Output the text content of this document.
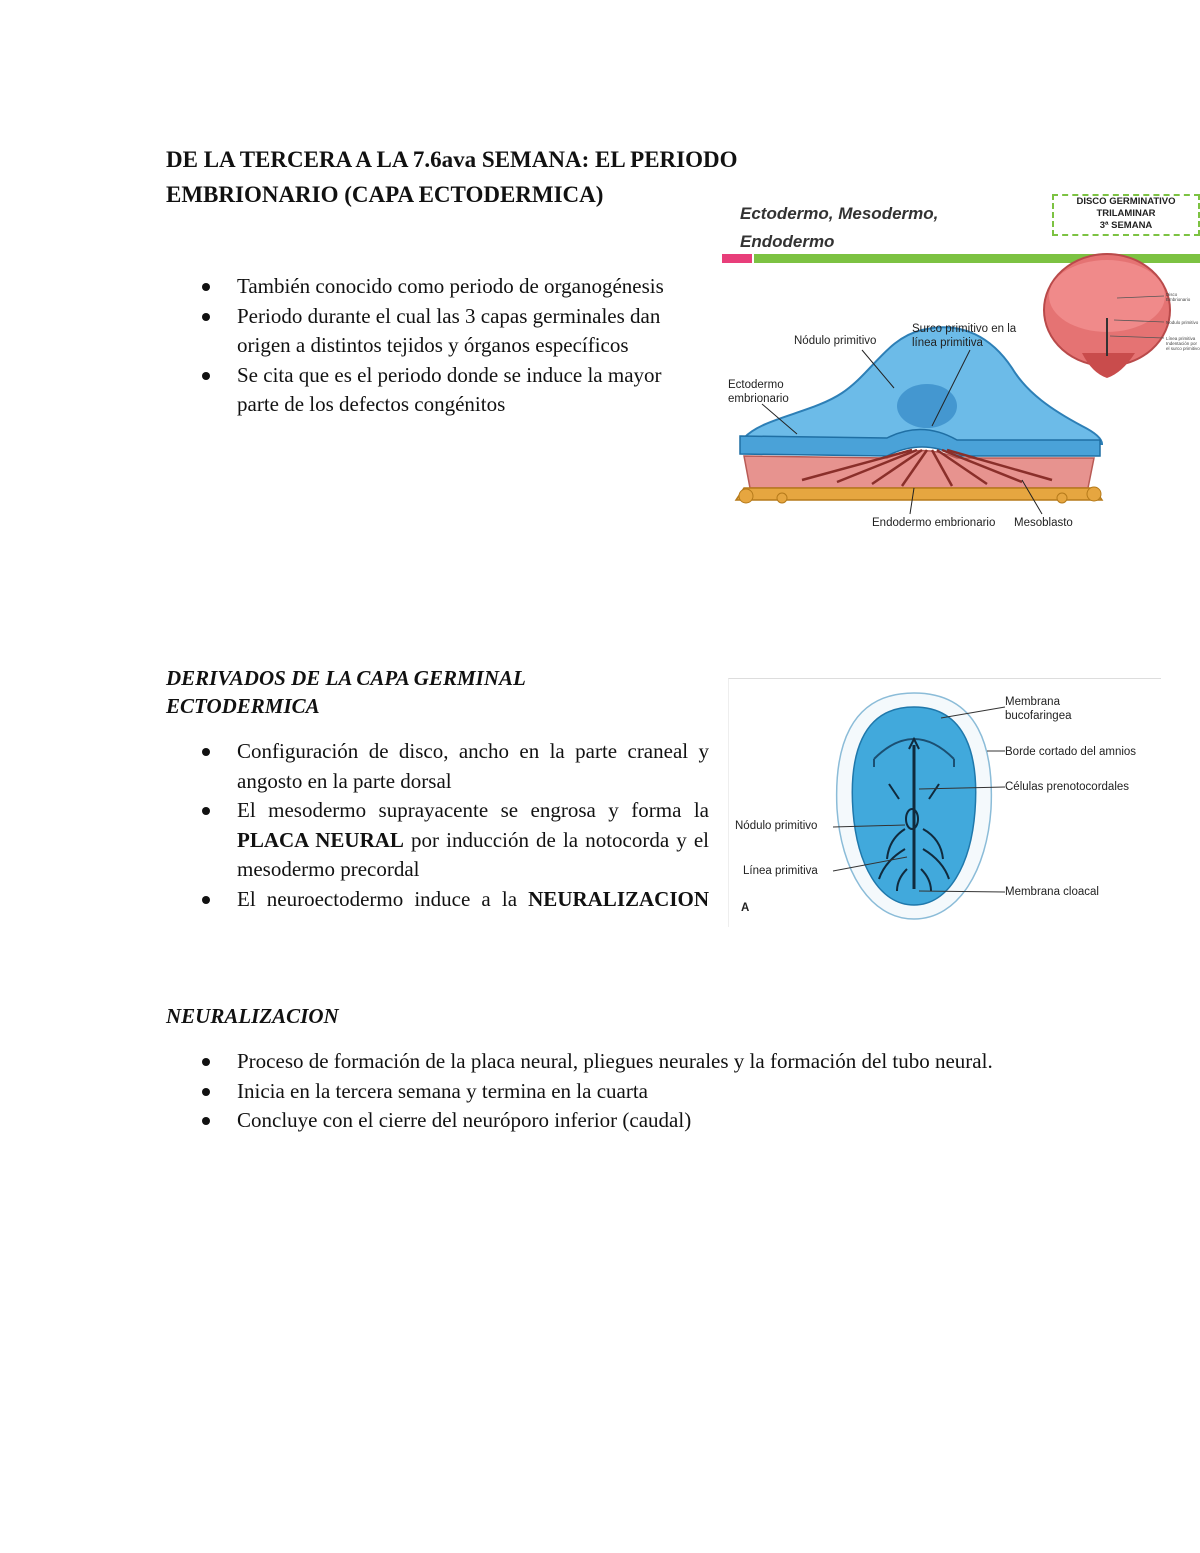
DE LA TERCERA A LA 7.6ava SEMANA: EL PERIODO EMBRIONARIO (CAPA ECTODERMICA)
También conocido como periodo de organogénesis
Periodo durante el cual las 3 capas germinales dan origen a distintos tejidos y órganos específicos
Se cita que es el periodo donde se induce la mayor parte de los defectos congénitos
Ectodermo, Mesodermo, Endodermo
DISCO GERMINATIVO
TRILAMINAR
3ª SEMANA
Nódulo primitivo
Surco primitivo en la línea primitiva
Ectodermo embrionario
Endodermo embrionario Mesoblasto
Disco Embrionario
Nodulo primitivo
Línea primitiva Indentación por el surco primitivo
DERIVADOS DE LA CAPA GERMINAL ECTODERMICA
Configuración de disco, ancho en la parte craneal y angosto en la parte dorsal
El mesodermo suprayacente se engrosa y forma la PLACA NEURAL por inducción de la notocorda y el mesodermo precordal
El neuroectodermo induce a la NEURALIZACION
Membrana bucofaringea
Borde cortado del amnios
Células prenotocordales
Nódulo primitivo
Línea primitiva
Membrana cloacal
A
NEURALIZACION
Proceso de formación de la placa neural, pliegues neurales y la formación del tubo neural.
Inicia en la tercera semana y termina en la cuarta
Concluye con el cierre del neuróporo inferior (caudal)
